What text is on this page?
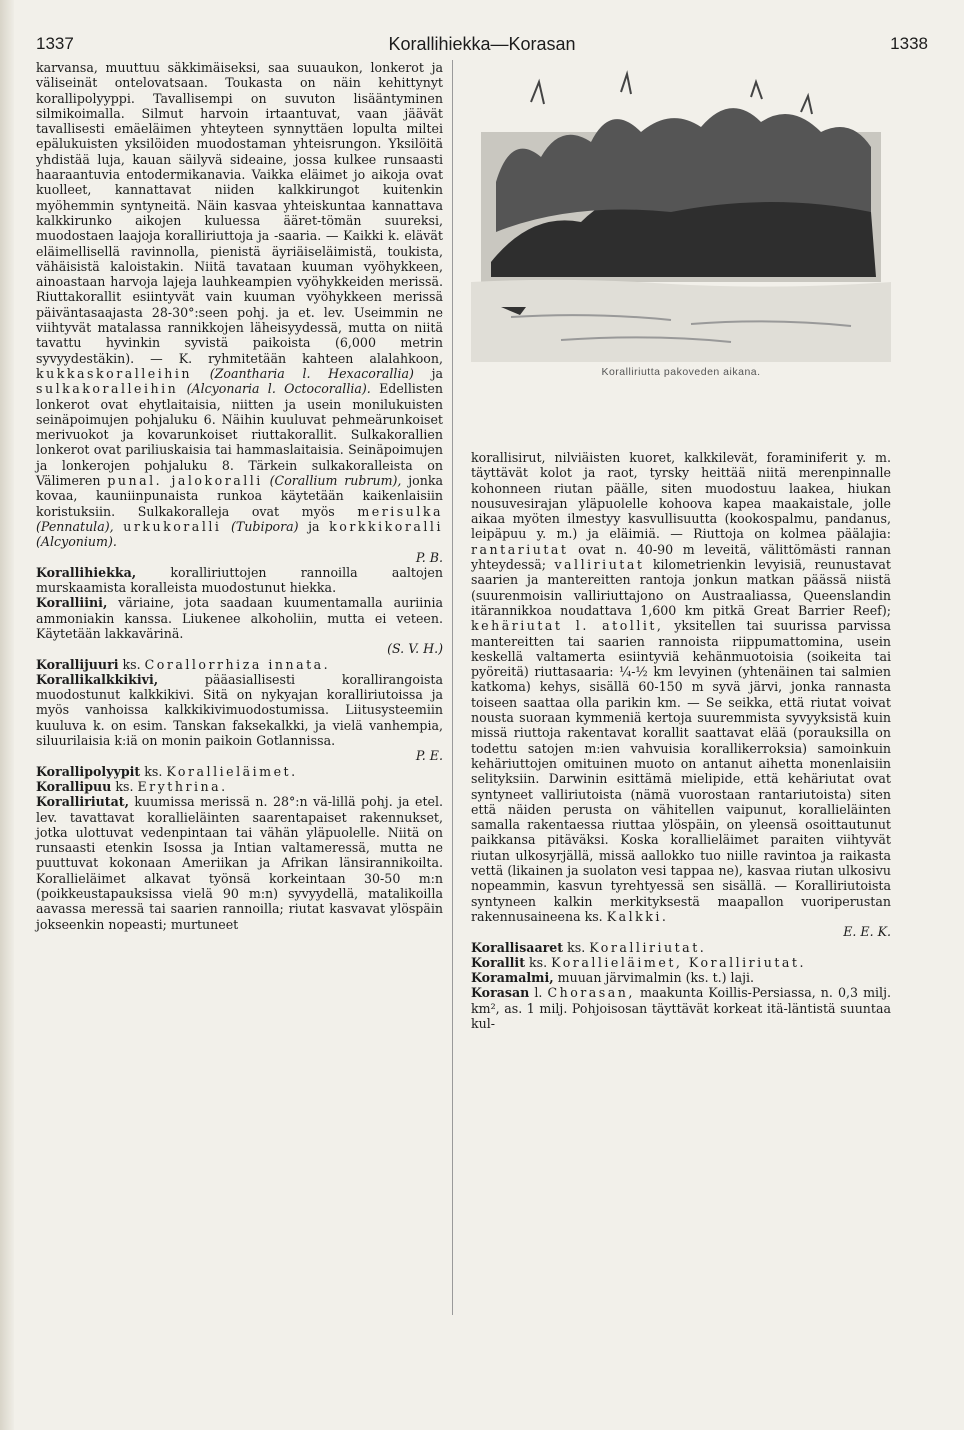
1337	Korallihiekka—Korasan	1338

karvansa, muuttuu säkkimäiseksi, saa suuaukon, lonkerot ja väliseinät ontelovatsaan. Toukasta on näin kehittynyt korallipolyyppi. Tavallisempi on suvuton lisääntyminen silmikoimalla. Silmut harvoin irtaantuvat, vaan jäävät tavallisesti emäeläimen yhteyteen synnyttäen lopulta miltei epälukuisten yksilöiden muodostaman yhteisrungon. Yksilöitä yhdistää luja, kauan säilyvä sideaine, jossa kulkee runsaasti haaraantuvia entodermikanavia. Vaikka eläimet jo aikoja ovat kuolleet, kannattavat niiden kalkkirungot kuitenkin myöhemmin syntyneitä. Näin kasvaa yhteiskuntaa kannattava kalkkirunko aikojen kuluessa ääret-tömän suureksi, muodostaen laajoja koralliriuttoja ja -saaria. — Kaikki k. elävät eläimellisellä ravinnolla, pienistä äyriäiseläimistä, toukista, vähäisistä kaloistakin. Niitä tavataan kuuman vyöhykkeen, ainoastaan harvoja lajeja lauhkeampien vyöhykkeiden merissä. Riuttakorallit esiintyvät vain kuuman vyöhykkeen merissä päiväntasaajasta 28-30°:seen pohj. ja et. lev. Useimmin ne viihtyvät matalassa rannikkojen läheisyydessä, mutta on niitä tavattu hyvinkin syvistä paikoista (6,000 metrin syvyydestäkin). — K. ryhmitetään kahteen alalahkoon, kukkaskoralleihin (Zoantharia l. Hexacorallia) ja sulkakoralleihin (Alcyonaria l. Octocorallia). Edellisten lonkerot ovat ehytlaitaisia, niitten ja usein monilukuisten seinäpoimujen pohjaluku 6. Näihin kuuluvat pehmeärunkoiset merivuokot ja kovarunkoiset riuttakorallit. Sulkakorallien lonkerot ovat pariliuskaisia tai hammaslaitaisia. Seinäpoimujen ja lonkerojen pohjaluku 8. Tärkein sulkakoralleista on Välimeren punal. jalokoralli (Corallium rubrum), jonka kovaa, kauniinpunaista runkoa käytetään kaikenlaisiin koristuksiin. Sulkakoralleja ovat myös merisulka (Pennatula), urkukoralli (Tubipora) ja korkkikoralli (Alcyonium).

P. B.

Korallihiekka, koralliriuttojen rannoilla aaltojen murskaamista koralleista muodostunut hiekka.

Koralliini, väriaine, jota saadaan kuumentamalla auriinia ammoniakin kanssa. Liukenee alkoholiin, mutta ei veteen. Käytetään lakkavärinä.

(S. V. H.)

Korallijuuri ks. Corallorrhiza innata.

Korallikalkkikivi, pääasiallisesti korallirangoista muodostunut kalkkikivi. Sitä on nykyajan koralliriutoissa ja myös vanhoissa kalkkikivimuodostumissa. Liitusysteemiin kuuluva k. on esim. Tanskan faksekalkki, ja vielä vanhempia, siluurilaisia k:iä on monin paikoin Gotlannissa.

P. E.

Korallipolyypit ks. Korallieläimet.

Korallipuu ks. Erythrina.

Koralliriutat, kuumissa merissä n. 28°:n vä-lillä pohj. ja etel. lev. tavattavat korallieläinten saarentapaiset rakennukset, jotka ulottuvat vedenpintaan tai vähän yläpuolelle. Niitä on runsaasti etenkin Isossa ja Intian valtameressä, mutta ne puuttuvat kokonaan Ameriikan ja Afrikan länsirannikoilta. Korallieläimet alkavat työnsä korkeintaan 30-50 m:n (poikkeustapauksissa vielä 90 m:n) syvyydellä, matalikoilla aavassa meressä tai saarien rannoilla; riutat kasvavat ylöspäin jokseenkin nopeasti; murtuneet

Koralliriutta pakoveden aikana.

korallisirut, nilviäisten kuoret, kalkkilevät, foraminiferit y. m. täyttävät kolot ja raot, tyrsky heittää niitä merenpinnalle kohonneen riutan päälle, siten muodostuu laakea, hiukan nousuvesirajan yläpuolelle kohoova kapea maakaistale, jolle aikaa myöten ilmestyy kasvullisuutta (kookospalmu, pandanus, leipäpuu y. m.) ja eläimiä. — Riuttoja on kolmea päälajia: rantariutat ovat n. 40-90 m leveitä, välittömästi rannan yhteydessä; valliriutat kilometrienkin levyisiä, reunustavat saarien ja mantereitten rantoja jonkun matkan päässä niistä (suurenmoisin valliriuttajono on Austraaliassa, Queenslandin itärannikkoa noudattava 1,600 km pitkä Great Barrier Reef); kehäriutat l. atollit, yksitellen tai suurissa parvissa mantereitten tai saarien rannoista riippumattomina, usein keskellä valtamerta esiintyviä kehänmuotoisia (soikeita tai pyöreitä) riuttasaaria: ¼-½ km levyinen (yhtenäinen tai salmien katkoma) kehys, sisällä 60-150 m syvä järvi, jonka rannasta toiseen saattaa olla parikin km. — Se seikka, että riutat voivat nousta suoraan kymmeniä kertoja suuremmista syvyyksistä kuin missä riuttoja rakentavat korallit saattavat elää (porauksilla on todettu satojen m:ien vahvuisia korallikerroksia) samoinkuin kehäriuttojen omituinen muoto on antanut aihetta monenlaisiin selityksiin. Darwinin esittämä mielipide, että kehäriutat ovat syntyneet valliriutoista (nämä vuorostaan rantariutoista) siten että näiden perusta on vähitellen vaipunut, korallieläinten samalla rakentaessa riuttaa ylöspäin, on yleensä osoittautunut paikkansa pitäväksi. Koska korallieläimet paraiten viihtyvät riutan ulkosyrjällä, missä aallokko tuo niille ravintoa ja raikasta vettä (likainen ja suolaton vesi tappaa ne), kasvaa riutan ulkosivu nopeammin, kasvun tyrehtyessä sen sisällä. — Koralliriutoista syntyneen kalkin merkityksestä maapallon vuoriperustan rakennusaineena ks. Kalkki.

E. E. K.

Korallisaaret ks. Koralliriutat.

Korallit ks. Korallieläimet, Koralliriutat.

Koramalmi, muuan järvimalmin (ks. t.) laji.

Korasan l. Chorasan, maakunta Koillis-Persiassa, n. 0,3 milj. km², as. 1 milj. Pohjoisosan täyttävät korkeat itä-läntistä suuntaa kul-
